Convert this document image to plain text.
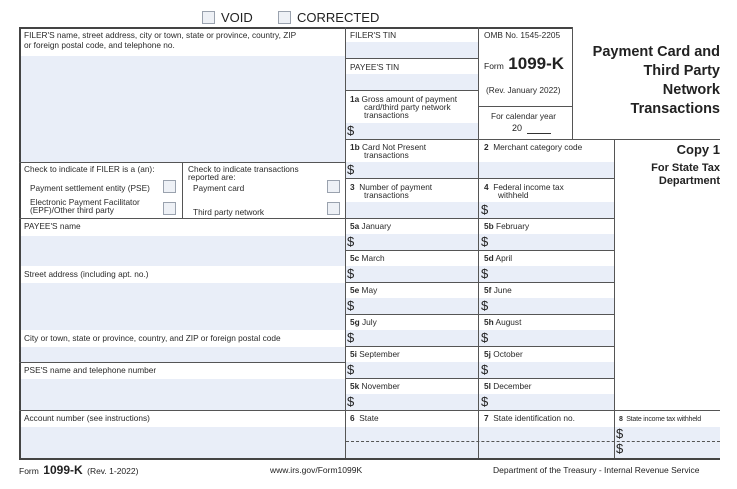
VOID	CORRECTED
FILER'S name, street address, city or town, state or province, country, ZIP
or foreign postal code, and telephone no.
Check to indicate if FILER is a (an):
Payment settlement entity (PSE)
Electronic Payment Facilitator
(EPF)/Other third party
Check to indicate transactions
reported are:
Payment card
Third party network
PAYEE'S name
Street address (including apt. no.)
City or town, state or province, country, and ZIP or foreign postal code
PSE'S name and telephone number
Account number (see instructions)
FILER'S TIN
PAYEE'S TIN
1a Gross amount of payment
card/third party network
transactions
$
1b Card Not Present
transactions
$
3 Number of payment
transactions
2 Merchant category code
4 Federal income tax
withheld
$
5a January
$
5b February
$
5c March
$
5d April
$
5e May
$
5f June
$
5g July
$
5h August
$
5i September
$
5j October
$
5k November
$
5l December
$
6 State	7 State identification no.	8 State income tax withheld
$
$
OMB No. 1545-2205
Form 1099-K
(Rev. January 2022)
For calendar year
20
Payment Card and
Third Party
Network
Transactions
Copy 1
For State Tax
Department
Form 1099-K (Rev. 1-2022)	www.irs.gov/Form1099K	Department of the Treasury - Internal Revenue Service
